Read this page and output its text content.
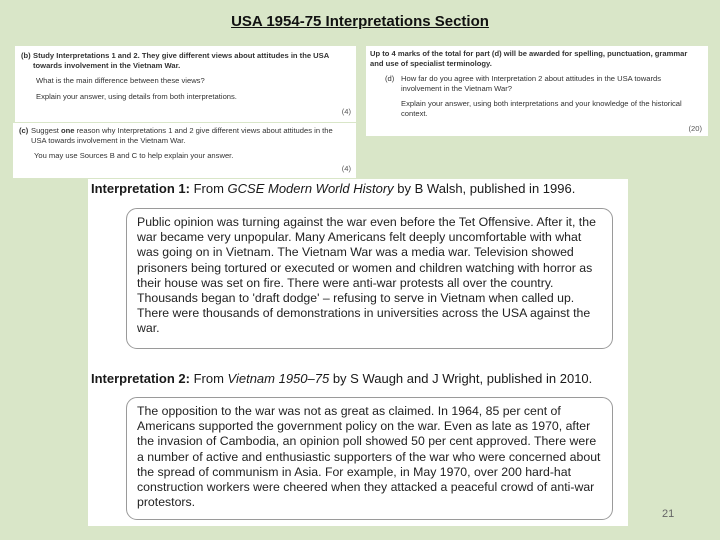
USA 1954-75 Interpretations Section
(b) Study Interpretations 1 and 2. They give different views about attitudes in the USA towards involvement in the Vietnam War.
What is the main difference between these views?
Explain your answer, using details from both interpretations.
(4)
(c) Suggest one reason why Interpretations 1 and 2 give different views about attitudes in the USA towards involvement in the Vietnam War.
You may use Sources B and C to help explain your answer.
(4)
Up to 4 marks of the total for part (d) will be awarded for spelling, punctuation, grammar and use of specialist terminology.
(d) How far do you agree with Interpretation 2 about attitudes in the USA towards involvement in the Vietnam War?
Explain your answer, using both interpretations and your knowledge of the historical context.
(20)
Interpretation 1: From GCSE Modern World History by B Walsh, published in 1996.
Public opinion was turning against the war even before the Tet Offensive. After it, the war became very unpopular. Many Americans felt deeply uncomfortable with what was going on in Vietnam. The Vietnam War was a media war. Television showed prisoners being tortured or executed or women and children watching with horror as their house was set on fire. There were anti-war protests all over the country. Thousands began to 'draft dodge' – refusing to serve in Vietnam when called up. There were thousands of demonstrations in universities across the USA against the war.
Interpretation 2: From Vietnam 1950–75 by S Waugh and J Wright, published in 2010.
The opposition to the war was not as great as claimed. In 1964, 85 per cent of Americans supported the government policy on the war. Even as late as 1970, after the invasion of Cambodia, an opinion poll showed 50 per cent approved. There were a number of active and enthusiastic supporters of the war who were concerned about the spread of communism in Asia. For example, in May 1970, over 200 hard-hat construction workers were cheered when they attacked a peaceful crowd of anti-war protestors.
21
